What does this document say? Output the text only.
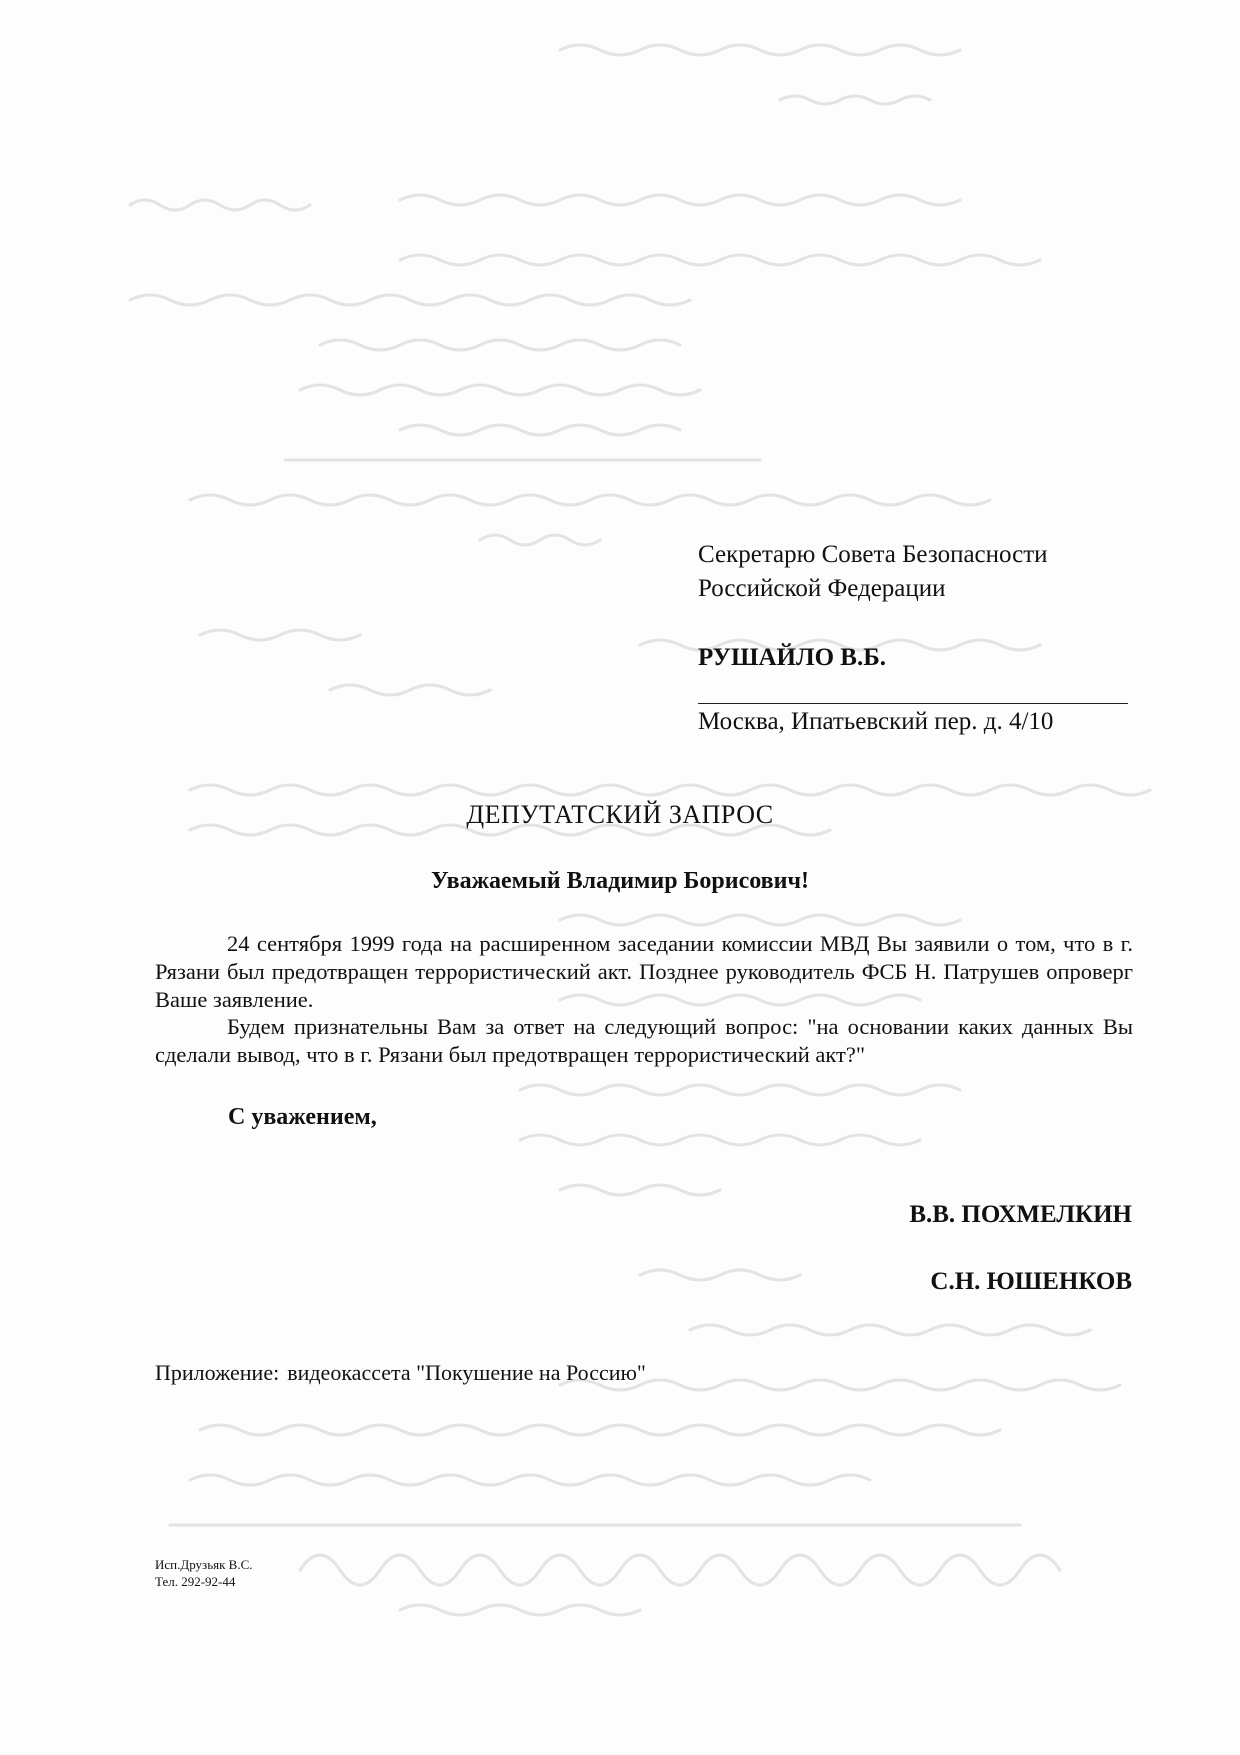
Секретарю Совета Безопасности
Российской Федерации
РУШАЙЛО В.Б.
Москва, Ипатьевский пер. д. 4/10
ДЕПУТАТСКИЙ ЗАПРОС
Уважаемый Владимир Борисович!

24 сентября 1999 года на расширенном заседании комиссии МВД Вы заявили о том, что в г. Рязани был предотвращен террористический акт. Позднее руководитель ФСБ Н. Патрушев опроверг Ваше заявление.

Будем признательны Вам за ответ на следующий вопрос: "на основании каких данных Вы сделали вывод, что в г. Рязани был предотвращен террористический акт?"

С уважением,
В.В. ПОХМЕЛКИН
С.Н. ЮШЕНКОВ
Приложение: видеокассета "Покушение на Россию"
Исп.Друзьяк В.С.
Тел. 292-92-44
